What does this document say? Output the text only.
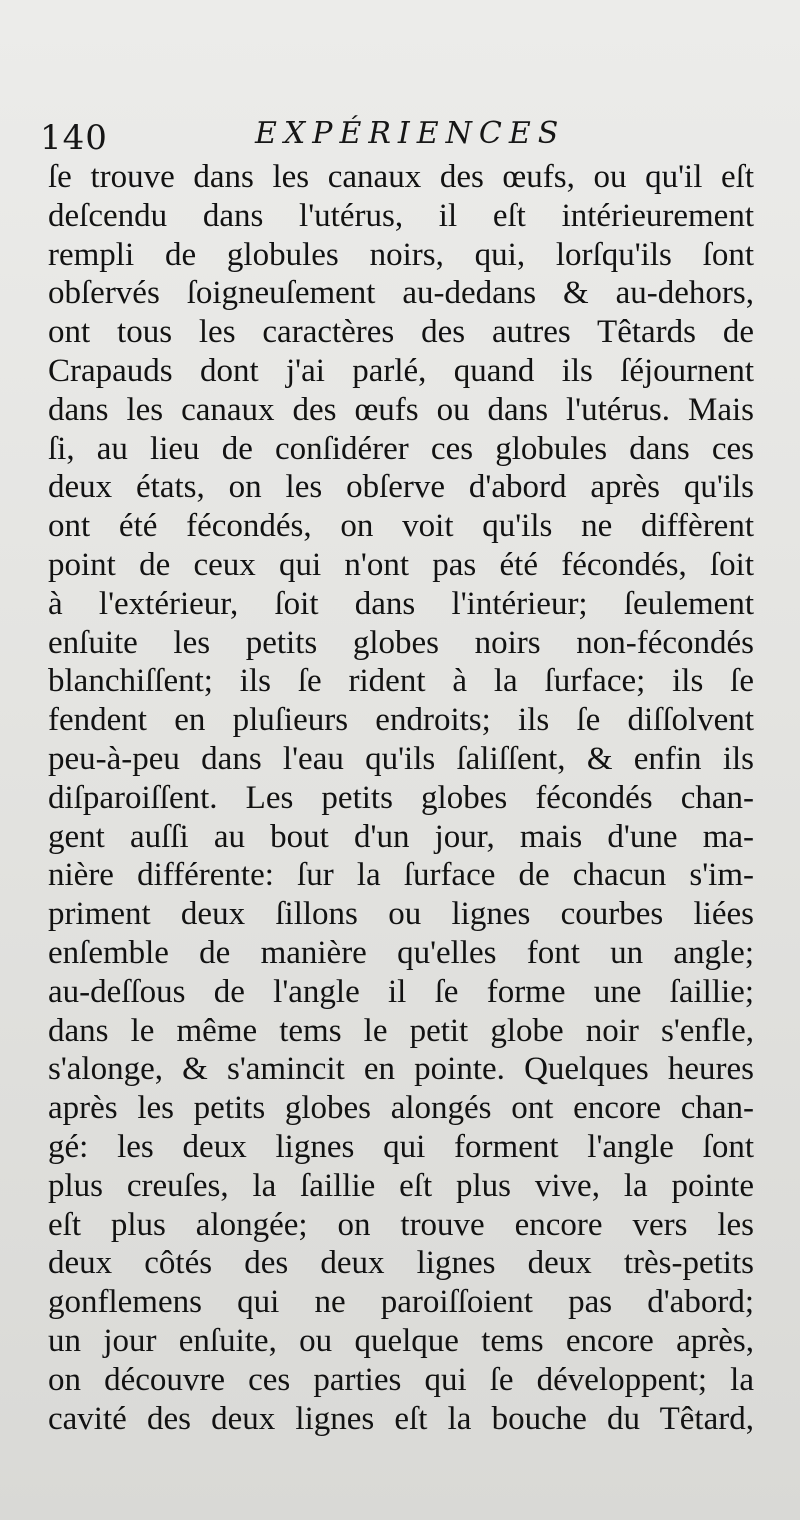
140	EXPÉRIENCES
ſe trouve dans les canaux des œufs, ou qu'il eſt
deſcendu dans l'utérus, il eſt intérieurement
rempli de globules noirs, qui, lorſqu'ils ſont
obſervés ſoigneuſement au-dedans & au-dehors,
ont tous les caractères des autres Têtards de
Crapauds dont j'ai parlé, quand ils ſéjournent
dans les canaux des œufs ou dans l'utérus. Mais
ſi, au lieu de conſidérer ces globules dans ces
deux états, on les obſerve d'abord après qu'ils
ont été fécondés, on voit qu'ils ne diffèrent
point de ceux qui n'ont pas été fécondés, ſoit
à l'extérieur, ſoit dans l'intérieur; ſeulement
enſuite les petits globes noirs non-fécondés
blanchiſſent; ils ſe rident à la ſurface; ils ſe
fendent en pluſieurs endroits; ils ſe diſſolvent
peu-à-peu dans l'eau qu'ils ſaliſſent, & enfin ils
diſparoiſſent. Les petits globes fécondés chan-
gent auſſi au bout d'un jour, mais d'une ma-
nière différente: ſur la ſurface de chacun s'im-
priment deux ſillons ou lignes courbes liées
enſemble de manière qu'elles font un angle;
au-deſſous de l'angle il ſe forme une ſaillie;
dans le même tems le petit globe noir s'enfle,
s'alonge, & s'amincit en pointe. Quelques heures
après les petits globes alongés ont encore chan-
gé: les deux lignes qui forment l'angle ſont
plus creuſes, la ſaillie eſt plus vive, la pointe
eſt plus alongée; on trouve encore vers les
deux côtés des deux lignes deux très-petits
gonflemens qui ne paroiſſoient pas d'abord;
un jour enſuite, ou quelque tems encore après,
on découvre ces parties qui ſe développent; la
cavité des deux lignes eſt la bouche du Têtard,
